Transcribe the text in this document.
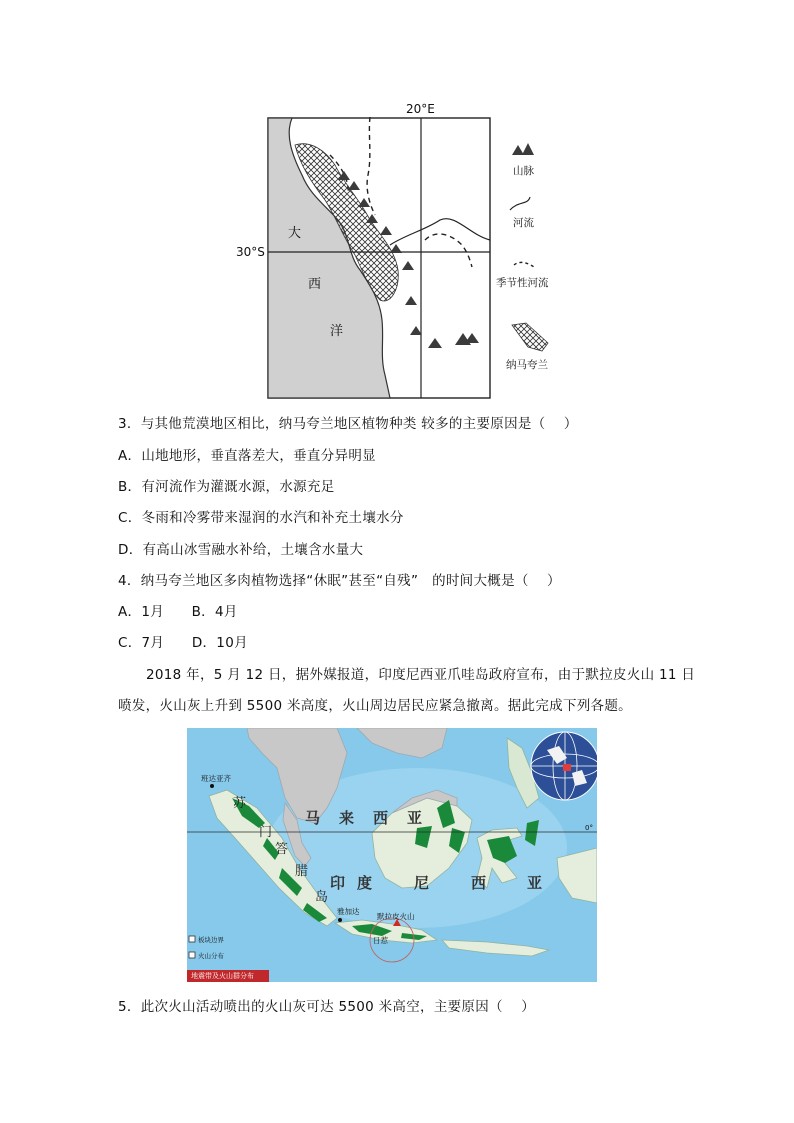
20°E
30°S
大
西
洋
山脉
河流
季节性河流
纳马夸兰
3．与其他荒漠地区相比，纳马夸兰地区植物种类 较多的主要原因是（　 ）
A．山地地形，垂直落差大，垂直分异明显
B．有河流作为灌溉水源，水源充足
C．冬雨和冷雾带来湿润的水汽和补充土壤水分
D．有高山冰雪融水补给，土壤含水量大
4．纳马夸兰地区多肉植物选择“休眠”甚至“自残”　的时间大概是（　 ）
A．1月　　B．4月
C．7月　　D．10月
2018 年，5 月 12 日，据外媒报道，印度尼西亚爪哇岛政府宣布，由于默拉皮火山 11 日
喷发，火山灰上升到 5500 米高度，火山周边居民应紧急撤离。据此完成下列各题。
班达亚齐
苏
门
答
腊
岛
马 来 西 亚
印 度	尼	西	亚
雅加达
默拉皮火山
日惹
0°
板块边界
火山分布
地震带及火山群分布
5．此次火山活动喷出的火山灰可达 5500 米高空，主要原因（　 ）
